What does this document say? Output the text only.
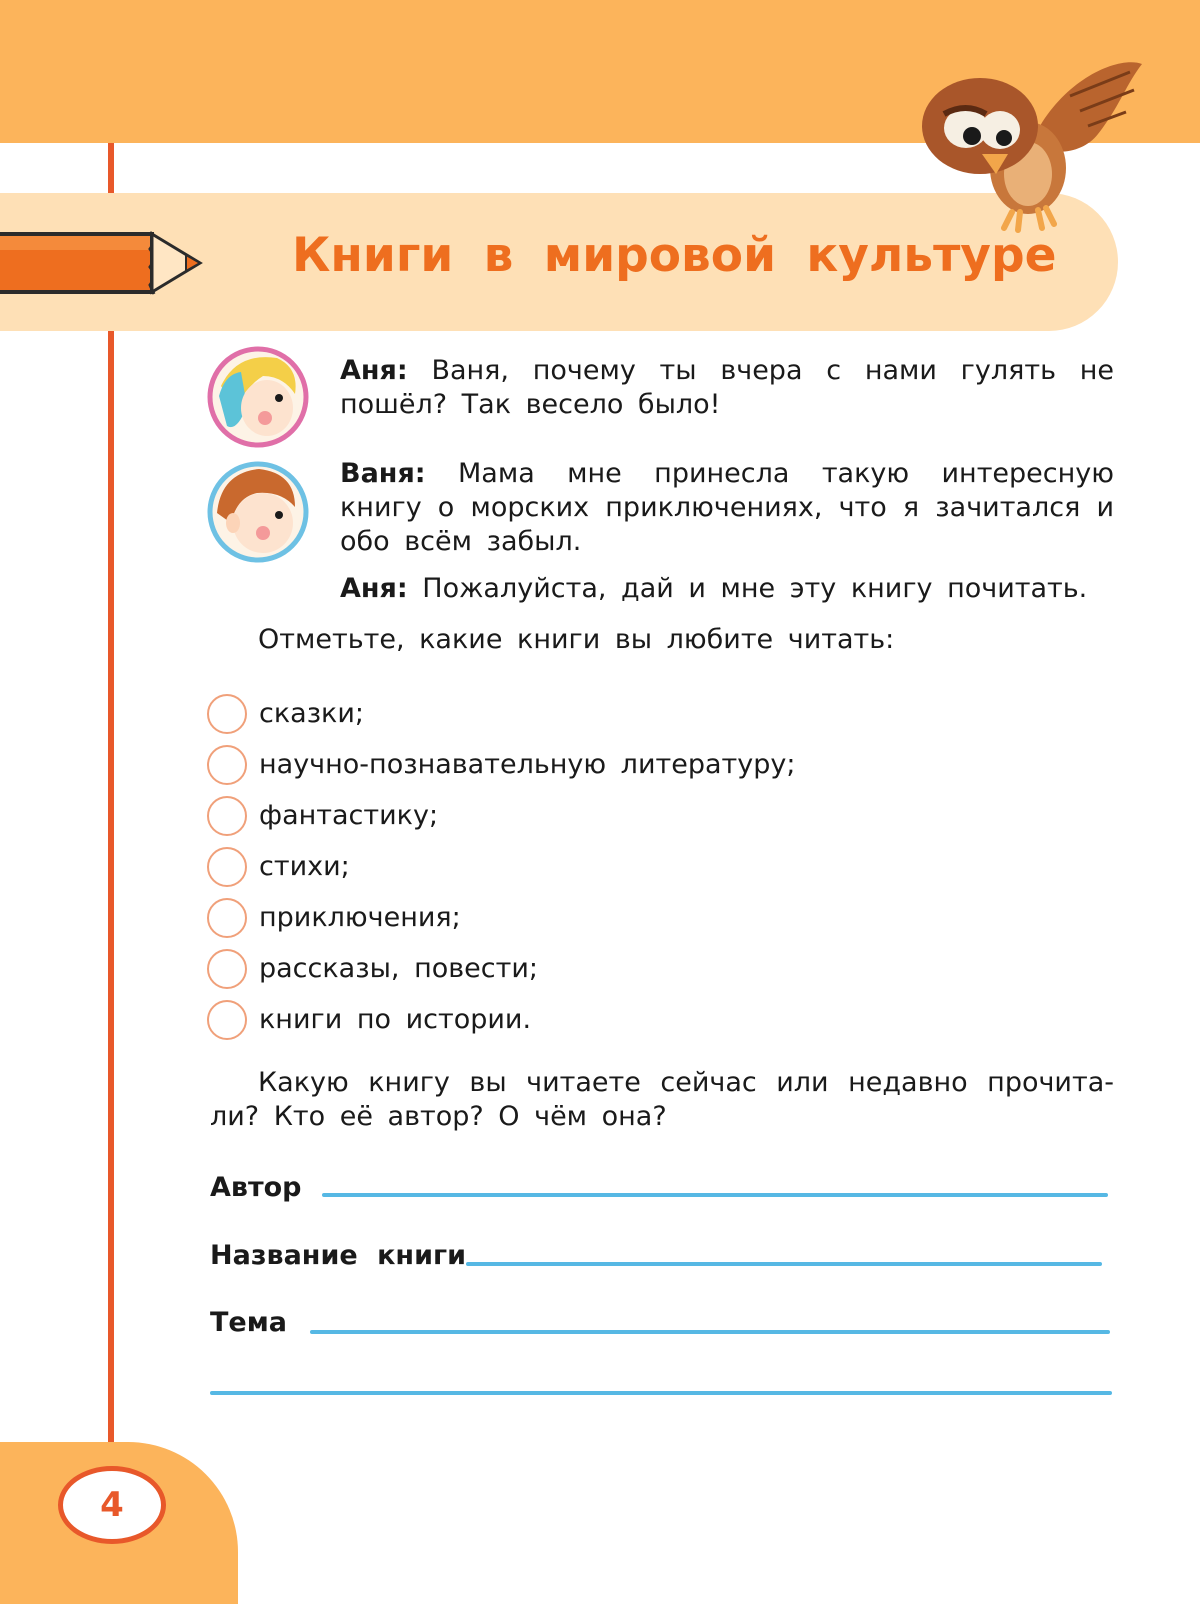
Книги в мировой культуре
Аня: Ваня, почему ты вчера с нами гулять не пошёл? Так весело было!
Ваня: Мама мне принесла такую интересную книгу о морских приключениях, что я зачитался и обо всём забыл.
Аня: Пожалуйста, дай и мне эту книгу почитать.
Отметьте, какие книги вы любите читать:
сказки;
научно-познавательную литературу;
фантастику;
стихи;
приключения;
рассказы, повести;
книги по истории.
Какую книгу вы читаете сейчас или недавно прочита-ли? Кто её автор? О чём она?
Автор
Название книги
Тема
4
